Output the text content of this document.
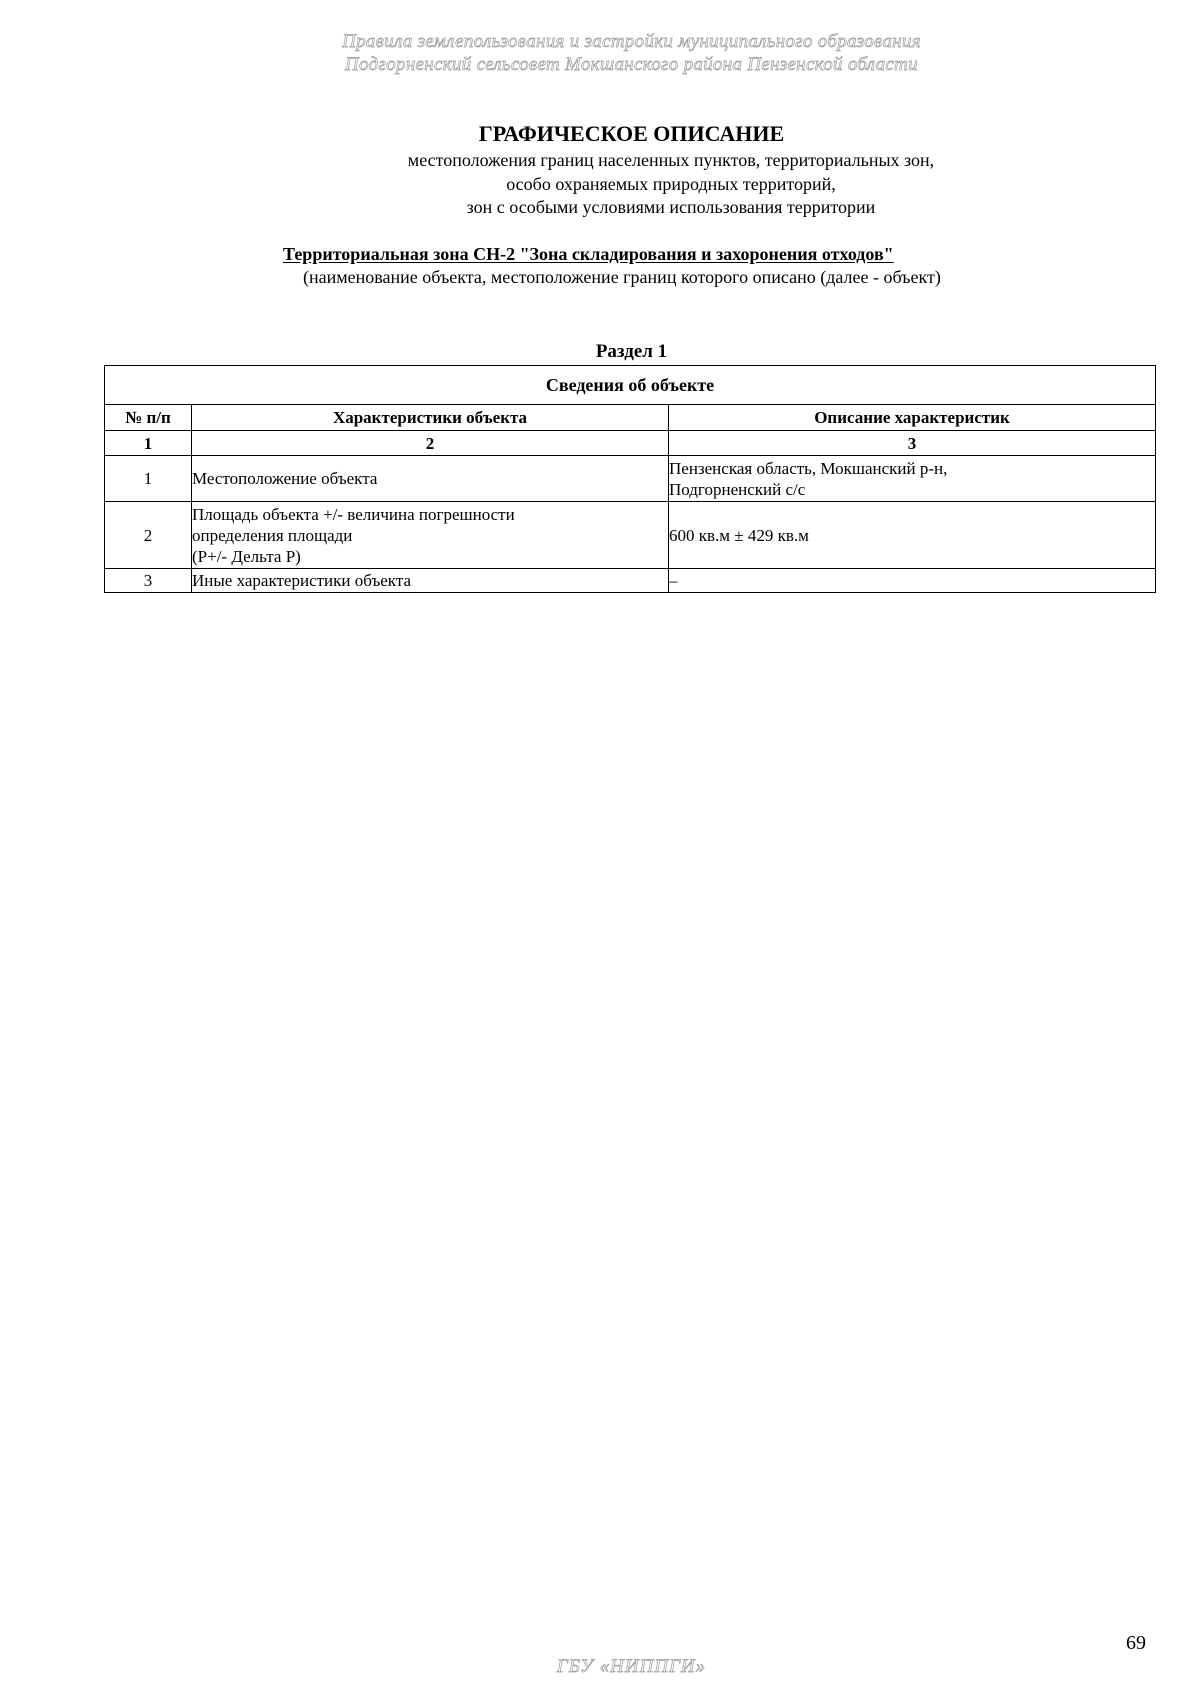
Правила землепользования и застройки муниципального образования
Подгорненский сельсовет Мокшанского района Пензенской области
ГРАФИЧЕСКОЕ ОПИСАНИЕ
местоположения границ населенных пунктов, территориальных зон,
особо охраняемых природных территорий,
зон с особыми условиями использования территории
Территориальная зона СН-2 "Зона складирования и захоронения отходов"
(наименование объекта, местоположение границ которого описано (далее - объект)
Раздел 1
Сведения об объекте		
№ п/п	Характеристики объекта	Описание характеристик
1	2	3
1	Местоположение объекта	Пензенская область, Мокшанский р-н,
Подгорненский с/с

2	Площадь объекта +/- величина погрешности
определения площади
(P+/- Дельта P)	600 кв.м ± 429 кв.м

3	Иные характеристики объекта	–
69
ГБУ «НИППГИ»
